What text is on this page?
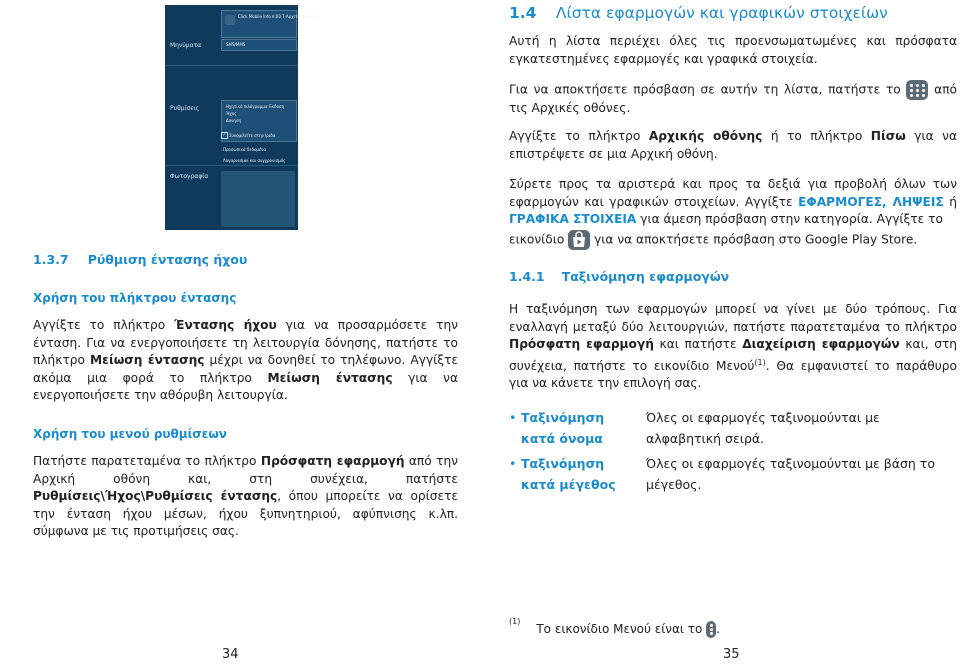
Click Mobile Info π:00 Τ-Αρχιτεκτονική 2.0
SMS/MMS
Μηνύματα
Ρυθμίσεις	Ηχητικό πιλόγραμμα Έκδοση
Ήχος
Δονηση
✓ Συνομιλείτε στην Ιριδα
Προσωπικά δεδομένα
Λογαριασμοί και συγχρονισμός
Φωτογραφία
1.3.7 Ρύθμιση έντασης ήχου
Χρήση του πλήκτρου έντασης
Αγγίξτε το πλήκτρο Έντασης ήχου για να προσαρμόσετε την ένταση. Για να ενεργοποιήσετε τη λειτουργία δόνησης, πατήστε το πλήκτρο Μείωση έντασης μέχρι να δονηθεί το τηλέφωνο. Αγγίξτε ακόμα μια φορά το πλήκτρο Μείωση έντασης για να ενεργοποιήσετε την αθόρυβη λειτουργία.
Χρήση του μενού ρυθμίσεων
Πατήστε παρατεταμένα το πλήκτρο Πρόσφατη εφαρμογή από την Αρχική οθόνη και, στη συνέχεια, πατήστε Ρυθμίσεις\Ήχος\Ρυθμίσεις έντασης, όπου μπορείτε να ορίσετε την ένταση ήχου μέσων, ήχου ξυπνητηριού, αφύπνισης κ.λπ. σύμφωνα με τις προτιμήσεις σας.
34
1.4 Λίστα εφαρμογών και γραφικών στοιχείων
Αυτή η λίστα περιέχει όλες τις προενσωματωμένες και πρόσφατα εγκατεστημένες εφαρμογές και γραφικά στοιχεία.
Για να αποκτήσετε πρόσβαση σε αυτήν τη λίστα, πατήστε το
από τις Αρχικές οθόνες.
Αγγίξτε το πλήκτρο Αρχικής οθόνης ή το πλήκτρο Πίσω για να επιστρέψετε σε μια Αρχική οθόνη.
Σύρετε προς τα αριστερά και προς τα δεξιά για προβολή όλων των εφαρμογών και γραφικών στοιχείων. Αγγίξτε ΕΦΑΡΜΟΓΕΣ, ΛΗΨΕΙΣ ή ΓΡΑΦΙΚΑ ΣΤΟΙΧΕΙΑ για άμεση πρόσβαση στην κατηγορία. Αγγίξτε το
εικονίδιο
για να αποκτήσετε πρόσβαση στο Google Play Store.
1.4.1 Ταξινόμηση εφαρμογών
Η ταξινόμηση των εφαρμογών μπορεί να γίνει με δύο τρόπους. Για εναλλαγή μεταξύ δύο λειτουργιών, πατήστε παρατεταμένα το πλήκτρο Πρόσφατη εφαρμογή και πατήστε Διαχείριση εφαρμογών και, στη συνέχεια, πατήστε το εικονίδιο Μενού$^{(1)}$. Θα εμφανιστεί το παράθυρο για να κάνετε την επιλογή σας.
• Ταξινόμηση κατά όνομα
Όλες οι εφαρμογές ταξινομούνται με αλφαβητική σειρά.
• Ταξινόμηση κατά μέγεθος
Όλες οι εφαρμογές ταξινομούνται με βάση το μέγεθος.
$^{(1)}$Το εικονίδιο Μενού είναι το
.
35
